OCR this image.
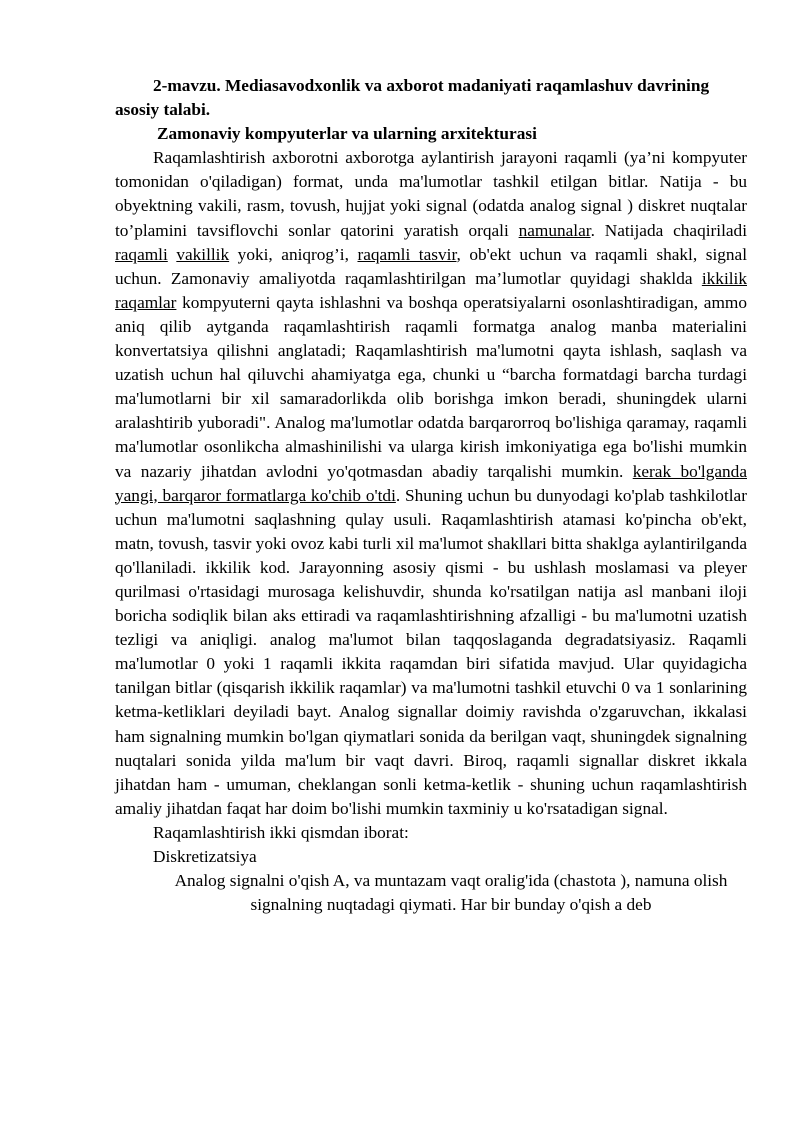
2-mavzu. Mediasavodxonlik va axborot madaniyati raqamlashuv davrining asosiy talabi.

Zamonaviy kompyuterlar va ularning arxitekturasi

Raqamlashtirish axborotni axborotga aylantirish jarayoni raqamli (ya’ni kompyuter tomonidan o'qiladigan) format, unda ma'lumotlar tashkil etilgan bitlar. Natija - bu obyektning vakili, rasm, tovush, hujjat yoki signal (odatda analog signal ) diskret nuqtalar to’plamini tavsiflovchi sonlar qatorini yaratish orqali namunalar. Natijada chaqiriladi raqamli vakillik yoki, aniqrog’i, raqamli tasvir, ob'ekt uchun va raqamli shakl, signal uchun. Zamonaviy amaliyotda raqamlashtirilgan ma’lumotlar quyidagi shaklda ikkilik raqamlar kompyuterni qayta ishlashni va boshqa operatsiyalarni osonlashtiradigan, ammo aniq qilib aytganda raqamlashtirish raqamli formatga analog manba materialini konvertatsiya qilishni anglatadi; Raqamlashtirish ma'lumotni qayta ishlash, saqlash va uzatish uchun hal qiluvchi ahamiyatga ega, chunki u “barcha formatdagi barcha turdagi ma'lumotlarni bir xil samaradorlikda olib borishga imkon beradi, shuningdek ularni aralashtirib yuboradi". Analog ma'lumotlar odatda barqarorroq bo'lishiga qaramay, raqamli ma'lumotlar osonlikcha almashinilishi va ularga kirish imkoniyatiga ega bo'lishi mumkin va nazariy jihatdan avlodni yo'qotmasdan abadiy tarqalishi mumkin. kerak bo'lganda yangi, barqaror formatlarga ko'chib o'tdi. Shuning uchun bu dunyodagi ko'plab tashkilotlar uchun ma'lumotni saqlashning qulay usuli. Raqamlashtirish atamasi ko'pincha ob'ekt, matn, tovush, tasvir yoki ovoz kabi turli xil ma'lumot shakllari bitta shaklga aylantirilganda qo'llaniladi. ikkilik kod. Jarayonning asosiy qismi - bu ushlash moslamasi va pleyer qurilmasi o'rtasidagi murosaga kelishuvdir, shunda ko'rsatilgan natija asl manbani iloji boricha sodiqlik bilan aks ettiradi va raqamlashtirishning afzalligi - bu ma'lumotni uzatish tezligi va aniqligi. analog ma'lumot bilan taqqoslaganda degradatsiyasiz. Raqamli ma'lumotlar 0 yoki 1 raqamli ikkita raqamdan biri sifatida mavjud. Ular quyidagicha tanilgan bitlar (qisqarish ikkilik raqamlar) va ma'lumotni tashkil etuvchi 0 va 1 sonlarining ketma-ketliklari deyiladi bayt. Analog signallar doimiy ravishda o'zgaruvchan, ikkalasi ham signalning mumkin bo'lgan qiymatlari sonida da berilgan vaqt, shuningdek signalning nuqtalari sonida yilda ma'lum bir vaqt davri. Biroq, raqamli signallar diskret ikkala jihatdan ham - umuman, cheklangan sonli ketma-ketlik - shuning uchun raqamlashtirish amaliy jihatdan faqat har doim bo'lishi mumkin taxminiy u ko'rsatadigan signal.

Raqamlashtirish ikki qismdan iborat:

Diskretizatsiya

Analog signalni o'qish A, va muntazam vaqt oralig'ida (chastota ), namuna olish signalning nuqtadagi qiymati. Har bir bunday o'qish a deb
